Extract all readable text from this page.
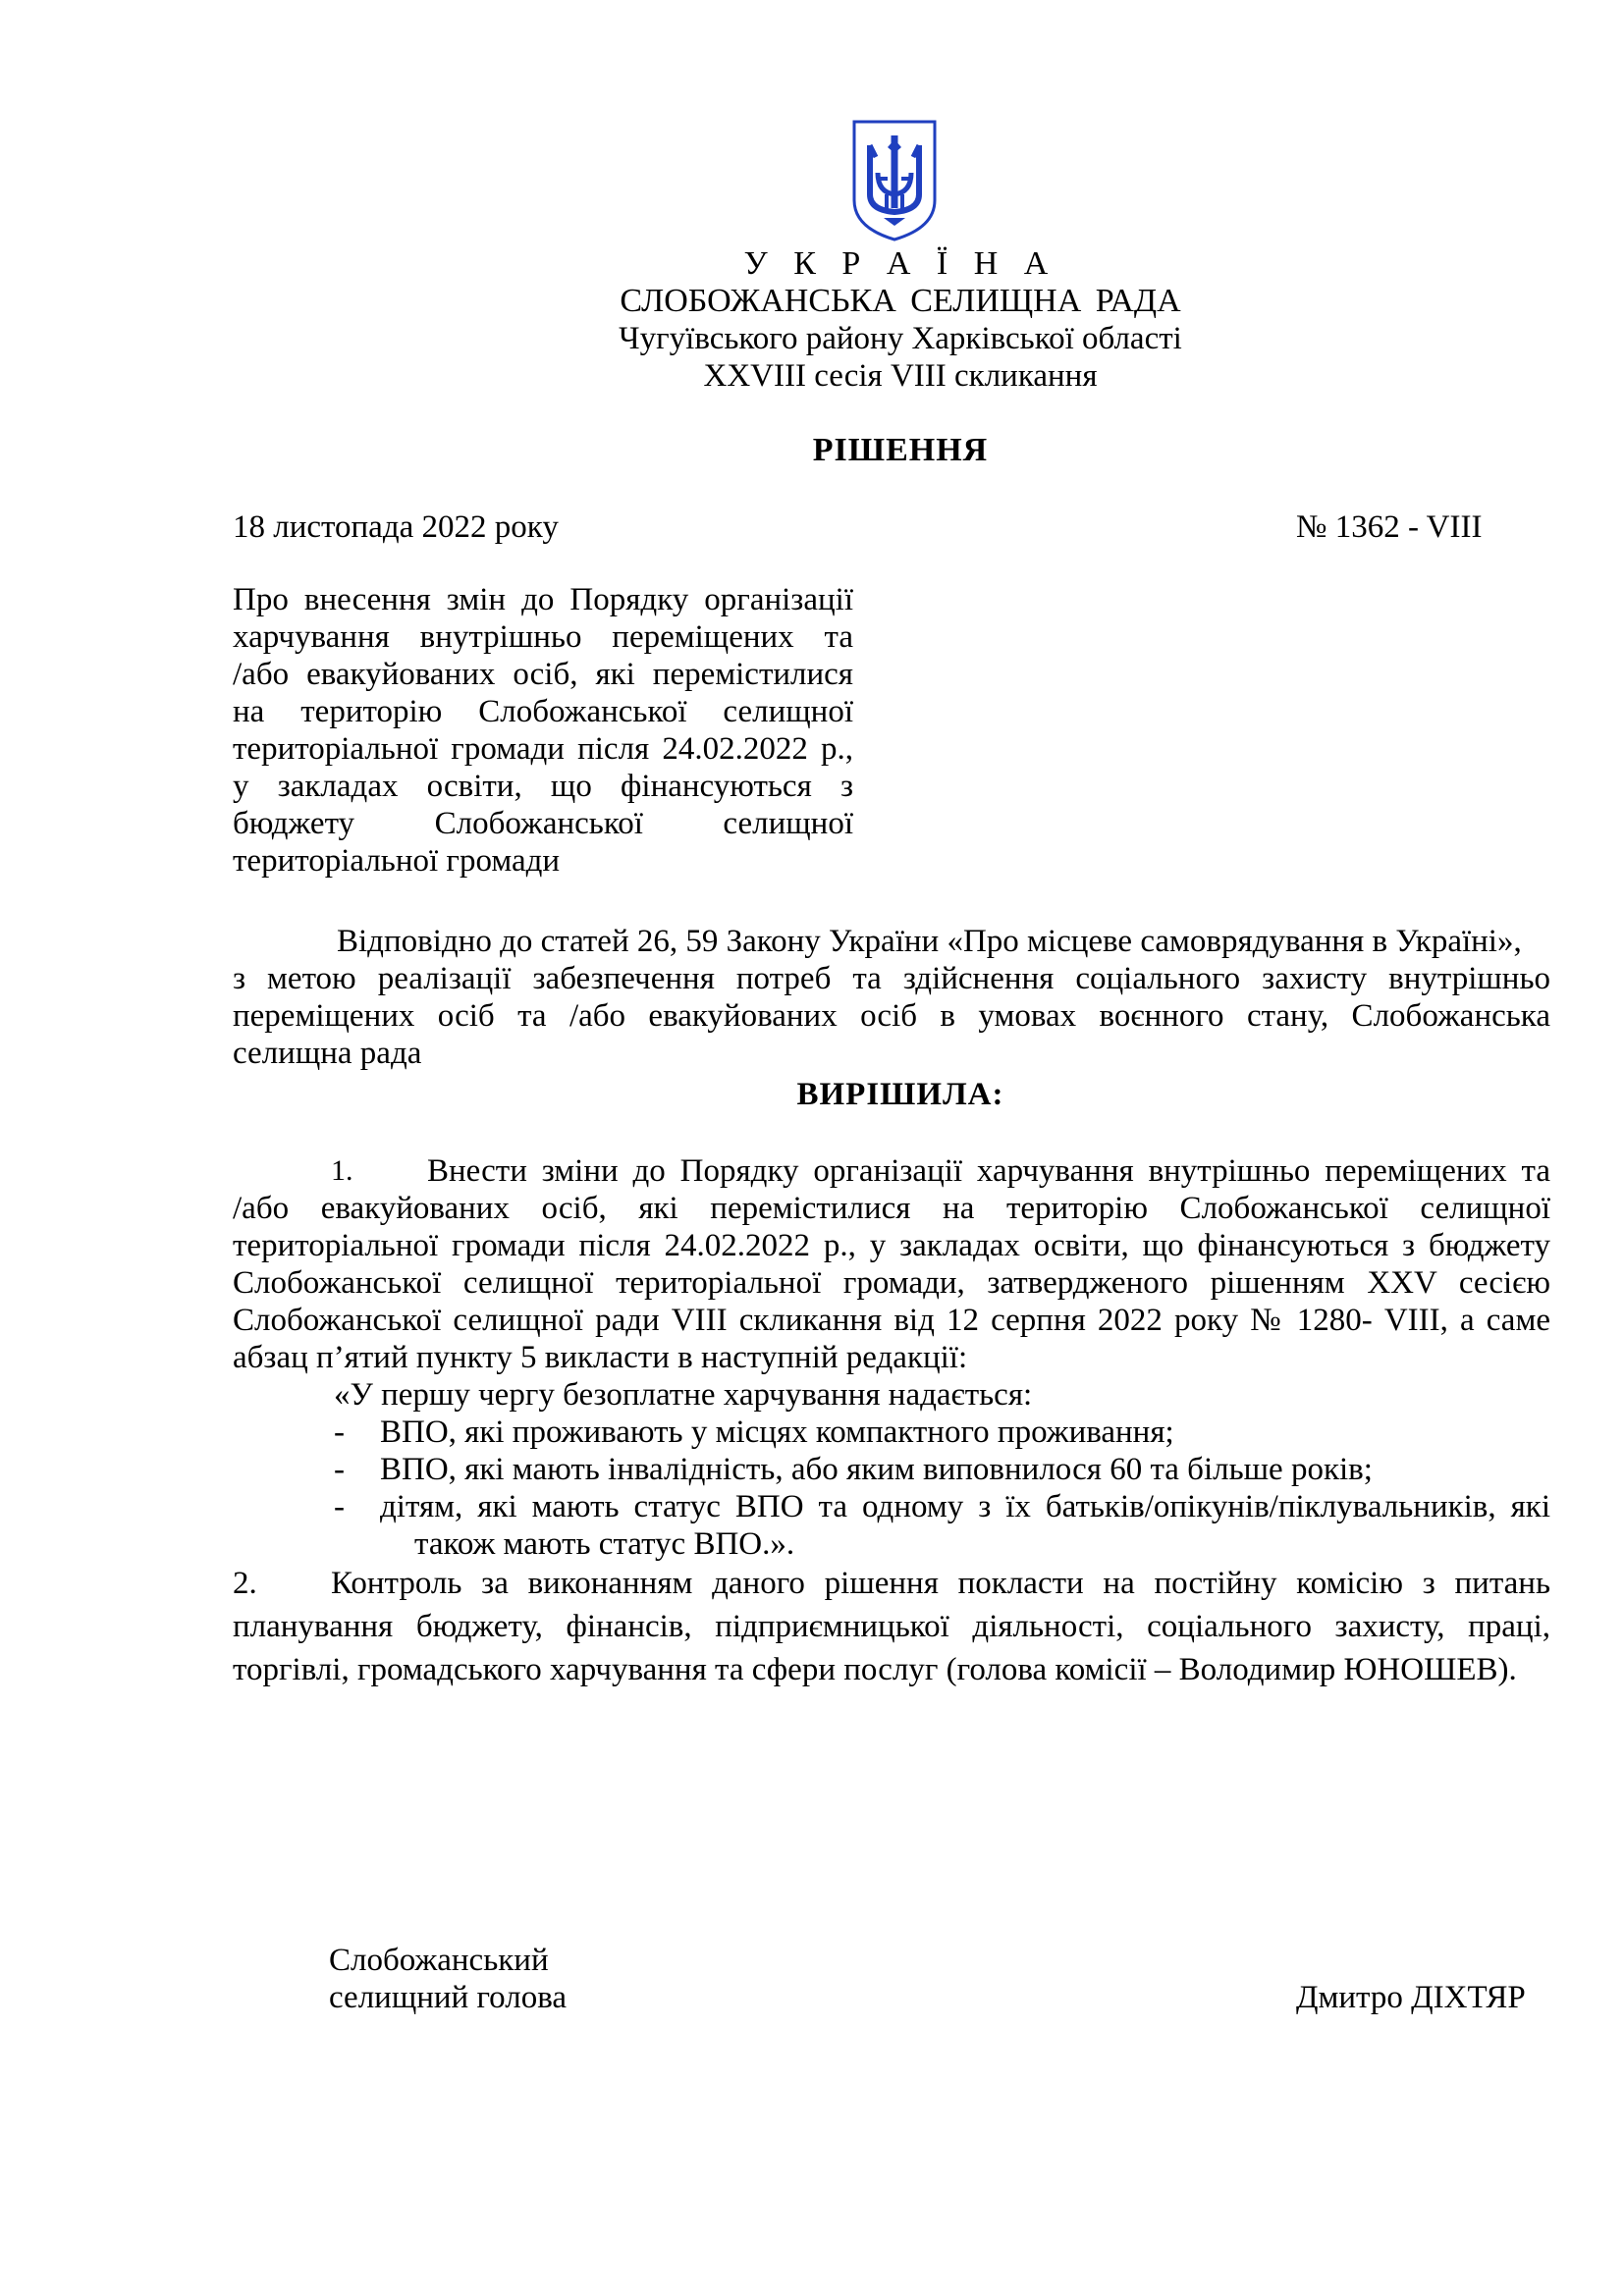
У К Р А Ї Н А
СЛОБОЖАНСЬКА СЕЛИЩНА РАДА
Чугуївського району Харківської області
XXVIII сесія VIII скликання
РІШЕННЯ
18 листопада 2022 року	№ 1362 - VIII
Про внесення змін до Порядку організації
харчування внутрішньо переміщених та
/або евакуйованих осіб, які перемістилися
на територію Слобожанської селищної
територіальної громади після 24.02.2022 р.,
у закладах освіти, що фінансуються з
бюджету Слобожанської селищної
територіальної громади
Відповідно до статей 26, 59 Закону України «Про місцеве самоврядування в Україні»,
з метою реалізації забезпечення потреб та здійснення соціального захисту внутрішньо
переміщених осіб та /або евакуйованих осіб в умовах воєнного стану, Слобожанська
селищна рада
ВИРІШИЛА:
1.	Внести зміни до Порядку організації харчування внутрішньо переміщених та
/або евакуйованих осіб, які перемістилися на територію Слобожанської селищної
територіальної громади після 24.02.2022 р., у закладах освіти, що фінансуються з бюджету
Слобожанської селищної територіальної громади, затвердженого рішенням XXV сесією
Слобожанської селищної ради VIII скликання від 12 серпня 2022 року № 1280- VIII, а саме
абзац п’ятий пункту 5 викласти в наступній редакції:
«У першу чергу безоплатне харчування надається:
- ВПО, які проживають у місцях компактного проживання;
- ВПО, які мають інвалідність, або яким виповнилося 60 та більше років;
- дітям, які мають статус ВПО та одному з їх батьків/опікунів/піклувальників, які
також мають статус ВПО.».
2.	Контроль за виконанням даного рішення покласти на постійну комісію з питань
планування бюджету, фінансів, підприємницької діяльності, соціального захисту, праці,
торгівлі, громадського харчування та сфери послуг (голова комісії – Володимир ЮНОШЕВ).
Слобожанський
селищний голова	Дмитро ДІХТЯР
